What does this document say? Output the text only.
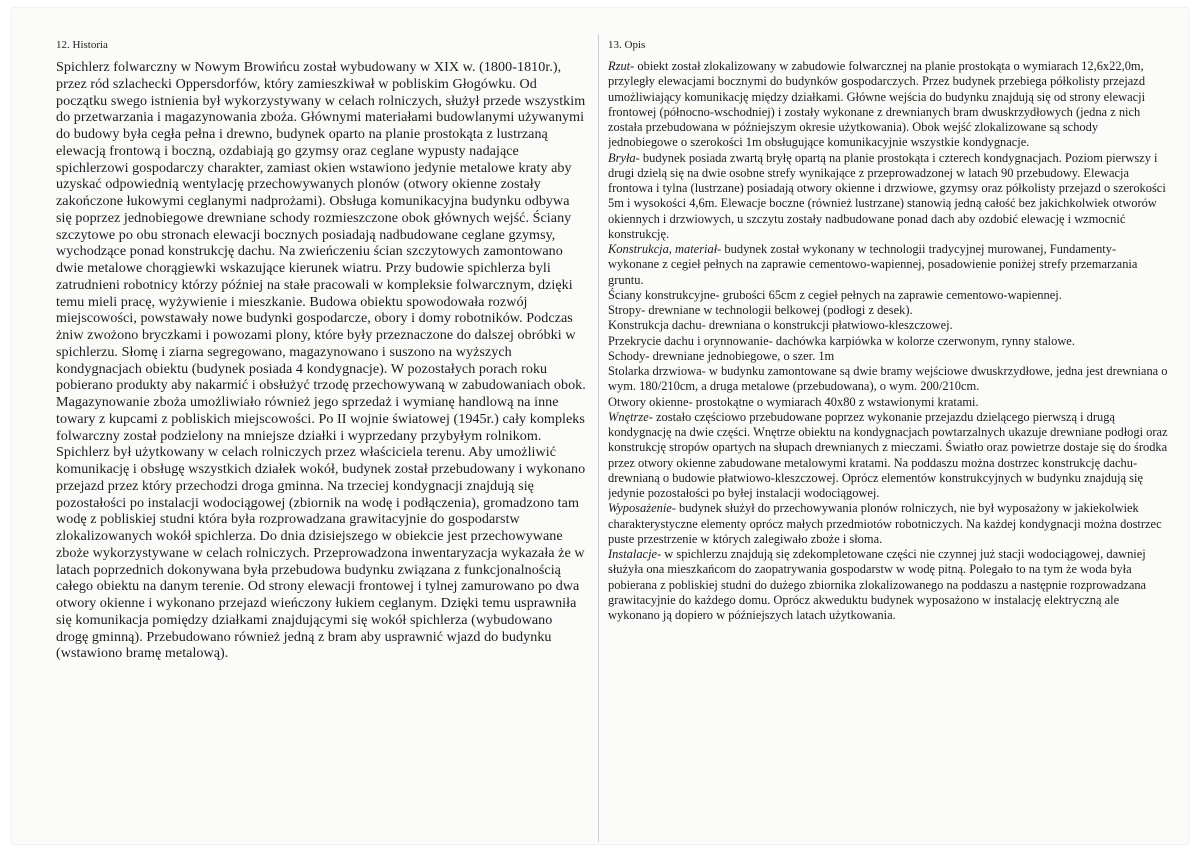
12. Historia

Spichlerz folwarczny w Nowym Browińcu został wybudowany w XIX w. (1800-1810r.), przez ród szlachecki Oppersdorfów, który zamieszkiwał w pobliskim Głogówku. Od początku swego istnienia był wykorzystywany w celach rolniczych, służył przede wszystkim do przetwarzania i magazynowania zboża. Głównymi materiałami budowlanymi używanymi do budowy była cegła pełna i drewno, budynek oparto na planie prostokąta z lustrzaną elewacją frontową i boczną, ozdabiają go gzymsy oraz ceglane wypusty nadające spichlerzowi gospodarczy charakter, zamiast okien wstawiono jedynie metalowe kraty aby uzyskać odpowiednią wentylację przechowywanych plonów (otwory okienne zostały zakończone łukowymi ceglanymi nadprożami). Obsługa komunikacyjna budynku odbywa się poprzez jednobiegowe drewniane schody rozmieszczone obok głównych wejść. Ściany szczytowe po obu stronach elewacji bocznych posiadają nadbudowane ceglane gzymsy, wychodzące ponad konstrukcję dachu. Na zwieńczeniu ścian szczytowych zamontowano dwie metalowe chorągiewki wskazujące kierunek wiatru. Przy budowie spichlerza byli zatrudnieni robotnicy którzy później na stałe pracowali w kompleksie folwarcznym, dzięki temu mieli pracę, wyżywienie i mieszkanie. Budowa obiektu spowodowała rozwój miejscowości, powstawały nowe budynki gospodarcze, obory i domy robotników. Podczas żniw zwożono bryczkami i powozami plony, które były przeznaczone do dalszej obróbki w spichlerzu. Słomę i ziarna segregowano, magazynowano i suszono na wyższych kondygnacjach obiektu (budynek posiada 4 kondygnacje). W pozostałych porach roku pobierano produkty aby nakarmić i obsłużyć trzodę przechowywaną w zabudowaniach obok. Magazynowanie zboża umożliwiało również jego sprzedaż i wymianę handlową na inne towary z kupcami z pobliskich miejscowości. Po II wojnie światowej (1945r.) cały kompleks folwarczny został podzielony na mniejsze działki i wyprzedany przybyłym rolnikom. Spichlerz był użytkowany w celach rolniczych przez właściciela terenu. Aby umożliwić komunikację i obsługę wszystkich działek wokół, budynek został przebudowany i wykonano przejazd przez który przechodzi droga gminna. Na trzeciej kondygnacji znajdują się pozostałości po instalacji wodociągowej (zbiornik na wodę i podłączenia), gromadzono tam wodę z pobliskiej studni która była rozprowadzana grawitacyjnie do gospodarstw zlokalizowanych wokół spichlerza. Do dnia dzisiejszego w obiekcie jest przechowywane zboże wykorzystywane w celach rolniczych. Przeprowadzona inwentaryzacja wykazała że w latach poprzednich dokonywana była przebudowa budynku związana z funkcjonalnością całego obiektu na danym terenie. Od strony elewacji frontowej i tylnej zamurowano po dwa otwory okienne i wykonano przejazd wieńczony łukiem ceglanym. Dzięki temu usprawniła się komunikacja pomiędzy działkami znajdującymi się wokół spichlerza (wybudowano drogę gminną). Przebudowano również jedną z bram aby usprawnić wjazd do budynku (wstawiono bramę metalową).

13. Opis

Rzut- obiekt został zlokalizowany w zabudowie folwarcznej na planie prostokąta o wymiarach 12,6x22,0m, przyległy elewacjami bocznymi do budynków gospodarczych. Przez budynek przebiega półkolisty przejazd umożliwiający komunikację między działkami. Główne wejścia do budynku znajdują się od strony elewacji frontowej (północno-wschodniej) i zostały wykonane z drewnianych bram dwuskrzydłowych (jedna z nich została przebudowana w późniejszym okresie użytkowania). Obok wejść zlokalizowane są schody jednobiegowe o szerokości 1m obsługujące komunikacyjnie wszystkie kondygnacje.

Bryła- budynek posiada zwartą bryłę opartą na planie prostokąta i czterech kondygnacjach. Poziom pierwszy i drugi dzielą się na dwie osobne strefy wynikające z przeprowadzonej w latach 90 przebudowy. Elewacja frontowa i tylna (lustrzane) posiadają otwory okienne i drzwiowe, gzymsy oraz półkolisty przejazd o szerokości 5m i wysokości 4,6m. Elewacje boczne (również lustrzane) stanowią jedną całość bez jakichkolwiek otworów okiennych i drzwiowych, u szczytu zostały nadbudowane ponad dach aby ozdobić elewację i wzmocnić konstrukcję.

Konstrukcja, materiał- budynek został wykonany w technologii tradycyjnej murowanej, Fundamenty- wykonane z cegieł pełnych na zaprawie cementowo-wapiennej, posadowienie poniżej strefy przemarzania gruntu.

Ściany konstrukcyjne- grubości 65cm z cegieł pełnych na zaprawie cementowo-wapiennej.

Stropy- drewniane w technologii belkowej (podłogi z desek).

Konstrukcja dachu- drewniana o konstrukcji płatwiowo-kleszczowej.

Przekrycie dachu i orynnowanie- dachówka karpiówka w kolorze czerwonym, rynny stalowe.

Schody- drewniane jednobiegowe, o szer. 1m

Stolarka drzwiowa- w budynku zamontowane są dwie bramy wejściowe dwuskrzydłowe, jedna jest drewniana o wym. 180/210cm, a druga metalowe (przebudowana), o wym. 200/210cm.

Otwory okienne- prostokątne o wymiarach 40x80 z wstawionymi kratami.

Wnętrze- zostało częściowo przebudowane poprzez wykonanie przejazdu dzielącego pierwszą i drugą kondygnację na dwie części. Wnętrze obiektu na kondygnacjach powtarzalnych ukazuje drewniane podłogi oraz konstrukcję stropów opartych na słupach drewnianych z mieczami. Światło oraz powietrze dostaje się do środka przez otwory okienne zabudowane metalowymi kratami. Na poddaszu można dostrzec konstrukcję dachu- drewnianą o budowie płatwiowo-kleszczowej. Oprócz elementów konstrukcyjnych w budynku znajdują się jedynie pozostałości po byłej instalacji wodociągowej.

Wyposażenie- budynek służył do przechowywania plonów rolniczych, nie był wyposażony w jakiekolwiek charakterystyczne elementy oprócz małych przedmiotów robotniczych. Na każdej kondygnacji można dostrzec puste przestrzenie w których zalegiwało zboże i słoma.

Instalacje- w spichlerzu znajdują się zdekompletowane części nie czynnej już stacji wodociągowej, dawniej służyła ona mieszkańcom do zaopatrywania gospodarstw w wodę pitną. Polegało to na tym że woda była pobierana z pobliskiej studni do dużego zbiornika zlokalizowanego na poddaszu a następnie rozprowadzana grawitacyjnie do każdego domu. Oprócz akweduktu budynek wyposażono w instalację elektryczną ale wykonano ją dopiero w późniejszych latach użytkowania.
